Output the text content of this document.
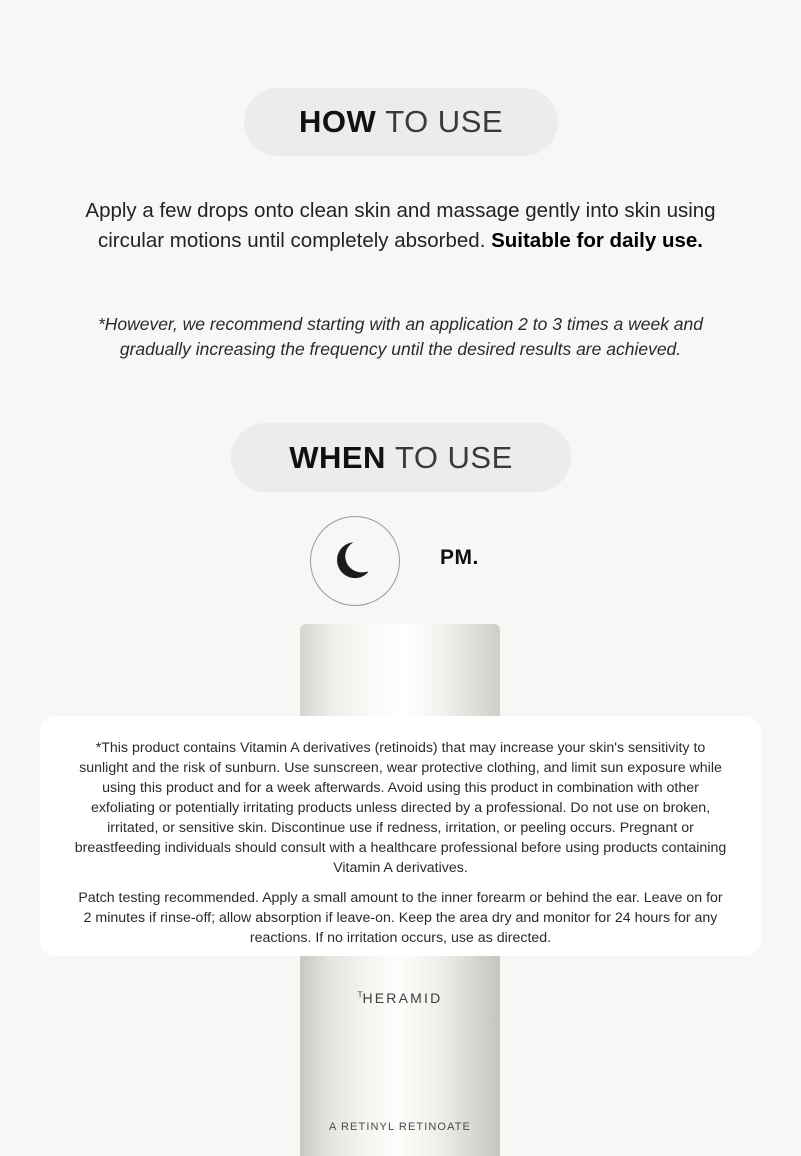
HOW TO USE
Apply a few drops onto clean skin and massage gently into skin using circular motions until completely absorbed. Suitable for daily use.
*However, we recommend starting with an application 2 to 3 times a week and gradually increasing the frequency until the desired results are achieved.
WHEN TO USE
PM.
$^T$HERAMID
A RETINYL RETINOATE
*This product contains Vitamin A derivatives (retinoids) that may increase your skin's sensitivity to sunlight and the risk of sunburn. Use sunscreen, wear protective clothing, and limit sun exposure while using this product and for a week afterwards. Avoid using this product in combination with other exfoliating or potentially irritating products unless directed by a professional. Do not use on broken, irritated, or sensitive skin. Discontinue use if redness, irritation, or peeling occurs. Pregnant or breastfeeding individuals should consult with a healthcare professional before using products containing Vitamin A derivatives.
Patch testing recommended. Apply a small amount to the inner forearm or behind the ear. Leave on for 2 minutes if rinse-off; allow absorption if leave-on. Keep the area dry and monitor for 24 hours for any reactions. If no irritation occurs, use as directed.
